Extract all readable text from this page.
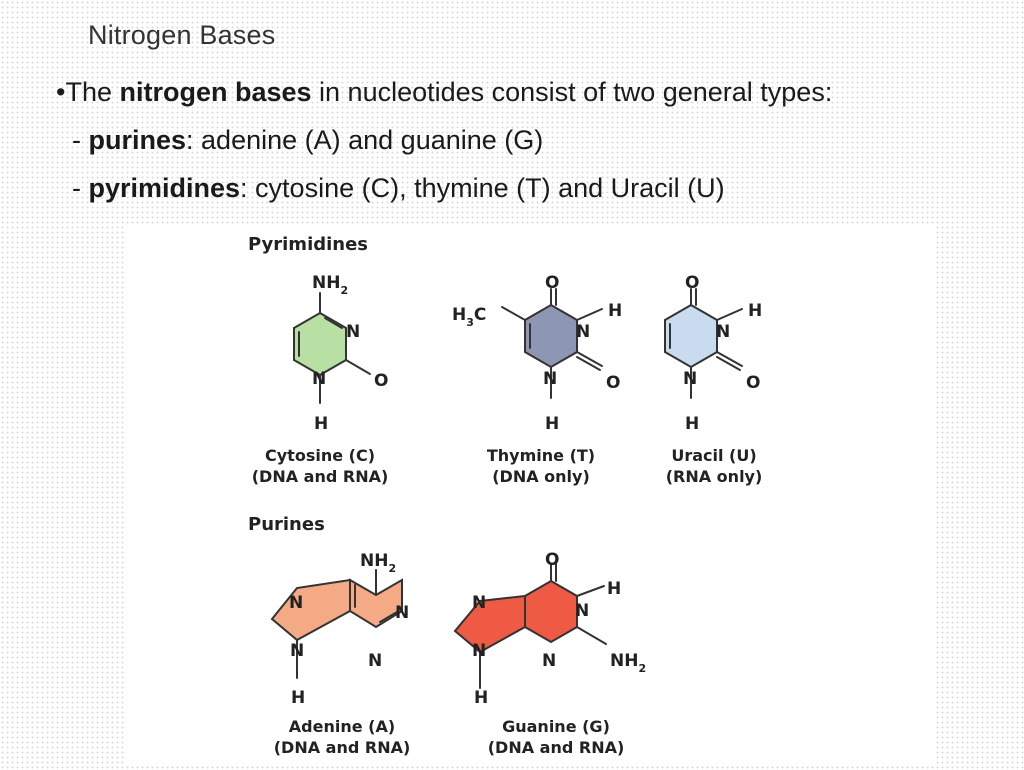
Nitrogen Bases
•The nitrogen bases in nucleotides consist of two general types:
- purines: adenine (A) and guanine (G)
- pyrimidines: cytosine (C), thymine (T) and Uracil (U)
Pyrimidines
Purines
$NH_2$
N
N	O
H
Cytosine (C)
(DNA and RNA)
O
$H_3C$
N
H
N	O
H
Thymine (T)
(DNA only)
O
N
H
N	O
H
Uracil (U)
(RNA only)
$NH_2$
N
N
N
N
H
Adenine (A)
(DNA and RNA)
O
N
H
N	$NH_2$
N
N
H
Guanine (G)
(DNA and RNA)
